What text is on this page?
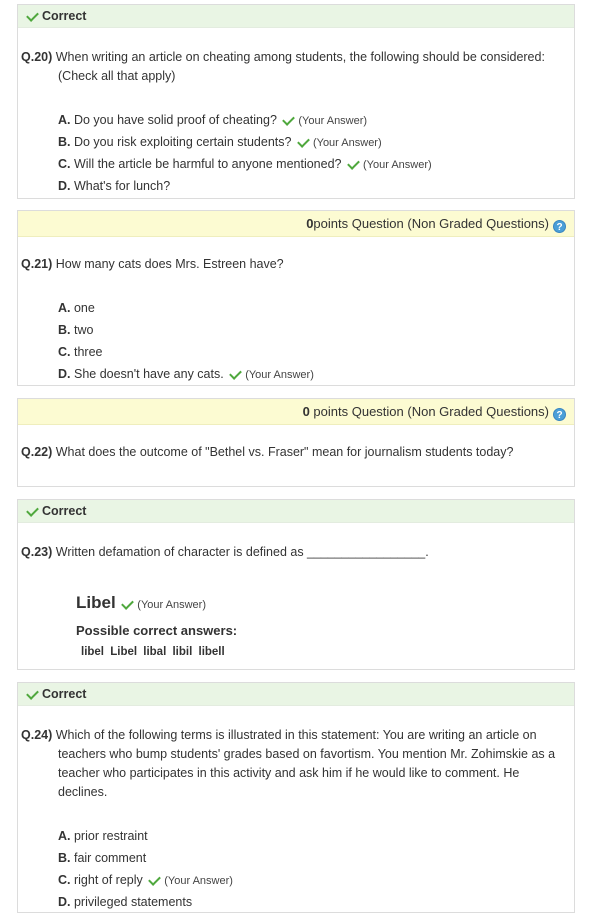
Correct
Q.20) When writing an article on cheating among students, the following should be considered: (Check all that apply)
A. Do you have solid proof of cheating? (Your Answer)
B. Do you risk exploiting certain students? (Your Answer)
C. Will the article be harmful to anyone mentioned? (Your Answer)
D. What's for lunch?
0points Question (Non Graded Questions) ?
Q.21) How many cats does Mrs. Estreen have?
A. one
B. two
C. three
D. She doesn't have any cats. (Your Answer)
0 points Question (Non Graded Questions) ?
Q.22) What does the outcome of "Bethel vs. Fraser" mean for journalism students today?
Correct
Q.23) Written defamation of character is defined as _________________.
Libel (Your Answer)
Possible correct answers:
libel Libel libal libil libell
Correct
Q.24) Which of the following terms is illustrated in this statement: You are writing an article on teachers who bump students' grades based on favortism. You mention Mr. Zohimskie as a teacher who participates in this activity and ask him if he would like to comment. He declines.
A. prior restraint
B. fair comment
C. right of reply (Your Answer)
D. privileged statements
